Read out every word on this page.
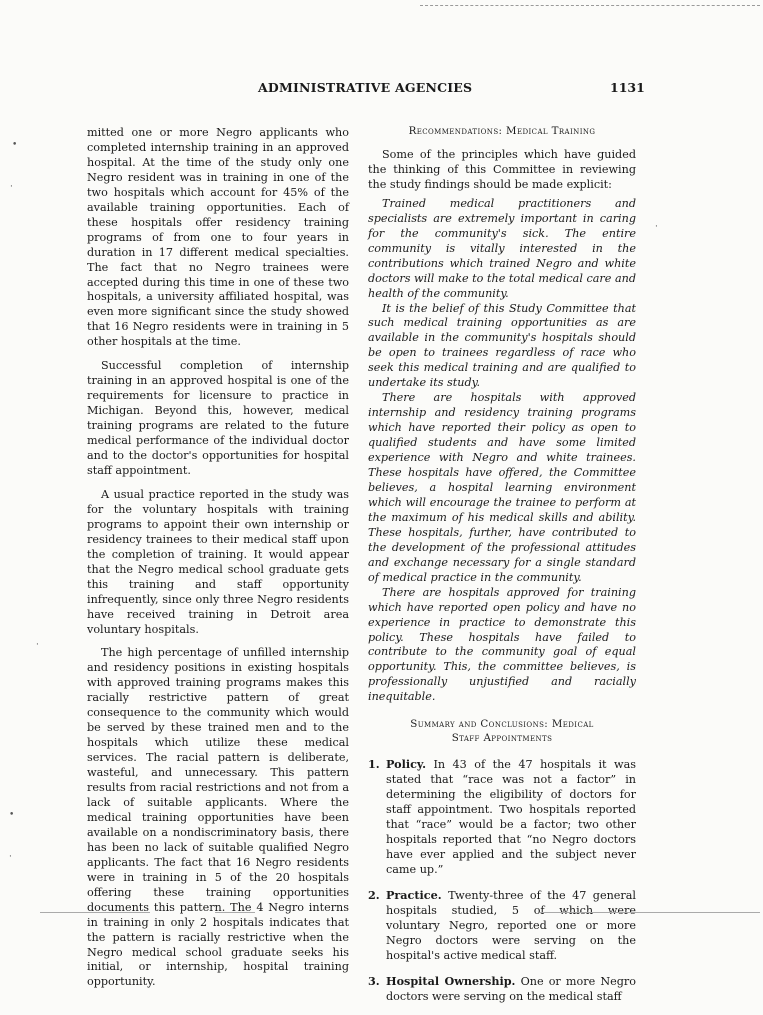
ADMINISTRATIVE AGENCIES	1131

mitted one or more Negro applicants who completed internship training in an approved hospital. At the time of the study only one Negro resident was in training in one of the two hospitals which account for 45% of the available training opportunities. Each of these hospitals offer residency training programs of from one to four years in duration in 17 different medical specialties. The fact that no Negro trainees were accepted during this time in one of these two hospitals, a university affiliated hospital, was even more significant since the study showed that 16 Negro residents were in training in 5 other hospitals at the time.

Successful completion of internship training in an approved hospital is one of the requirements for licensure to practice in Michigan. Beyond this, however, medical training programs are related to the future medical performance of the individual doctor and to the doctor's opportunities for hospital staff appointment.

A usual practice reported in the study was for the voluntary hospitals with training programs to appoint their own internship or residency trainees to their medical staff upon the completion of training. It would appear that the Negro medical school graduate gets this training and staff opportunity infrequently, since only three Negro residents have received training in Detroit area voluntary hospitals.

The high percentage of unfilled internship and residency positions in existing hospitals with approved training programs makes this racially restrictive pattern of great consequence to the community which would be served by these trained men and to the hospitals which utilize these medical services. The racial pattern is deliberate, wasteful, and unnecessary. This pattern results from racial restrictions and not from a lack of suitable applicants. Where the medical training opportunities have been available on a nondiscriminatory basis, there has been no lack of suitable qualified Negro applicants. The fact that 16 Negro residents were in training in 5 of the 20 hospitals offering these training opportunities documents this pattern. The 4 Negro interns in training in only 2 hospitals indicates that the pattern is racially restrictive when the Negro medical school graduate seeks his initial, or internship, hospital training opportunity.

Recommendations: Medical Training

Some of the principles which have guided the thinking of this Committee in reviewing the study findings should be made explicit:

Trained medical practitioners and specialists are extremely important in caring for the community's sick. The entire community is vitally interested in the contributions which trained Negro and white doctors will make to the total medical care and health of the community.

It is the belief of this Study Committee that such medical training opportunities as are available in the community's hospitals should be open to trainees regardless of race who seek this medical training and are qualified to undertake its study.

There are hospitals with approved internship and residency training programs which have reported their policy as open to qualified students and have some limited experience with Negro and white trainees. These hospitals have offered, the Committee believes, a hospital learning environment which will encourage the trainee to perform at the maximum of his medical skills and ability. These hospitals, further, have contributed to the development of the professional attitudes and exchange necessary for a single standard of medical practice in the community.

There are hospitals approved for training which have reported open policy and have no experience in practice to demonstrate this policy. These hospitals have failed to contribute to the community goal of equal opportunity. This, the committee believes, is professionally unjustified and racially inequitable.

Summary and Conclusions: Medical
Staff Appointments
1. Policy. In 43 of the 47 hospitals it was stated that “race was not a factor” in determining the eligibility of doctors for staff appointment. Two hospitals reported that “race” would be a factor; two other hospitals reported that “no Negro doctors have ever applied and the subject never came up.”
2. Practice. Twenty-three of the 47 general hospitals studied, 5 of which were voluntary Negro, reported one or more Negro doctors were serving on the hospital's active medical staff.
3. Hospital Ownership. One or more Negro doctors were serving on the medical staff
•
·
·
•
·
·
